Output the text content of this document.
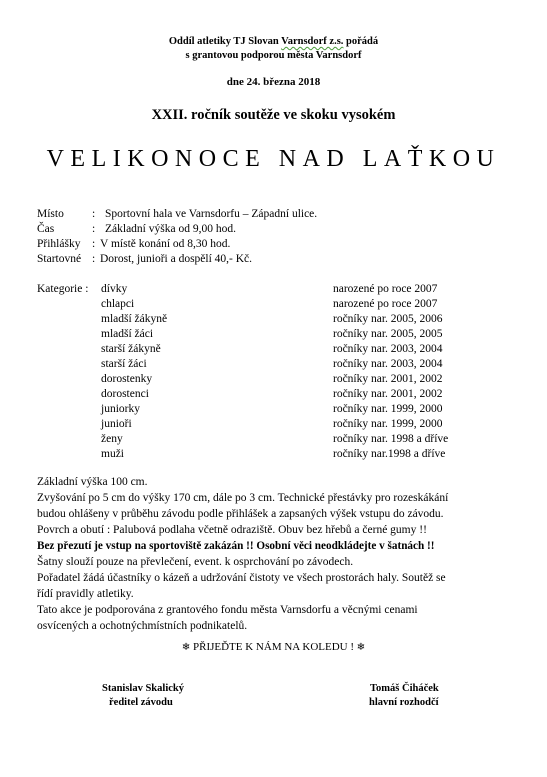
Oddíl atletiky TJ Slovan Varnsdorf z.s. pořádá
s grantovou podporou města Varnsdorf
dne 24. března 2018
XXII. ročník soutěže ve skoku vysokém
VELIKONOCE NAD LAŤKOU
Místo : Sportovní hala ve Varnsdorfu – Západní ulice.
Čas	: Základní výška od 9,00 hod.
Přihlášky : V místě konání od 8,30 hod.
Startovné : Dorost, junioři a dospělí 40,- Kč.
Kategorie : dívky	narozené po roce 2007
chlapci	narozené po roce 2007
mladší žákyně	ročníky nar. 2005, 2006
mladší žáci	ročníky nar. 2005, 2005
starší žákyně	ročníky nar. 2003, 2004
starší žáci	ročníky nar. 2003, 2004
dorostenky	ročníky nar. 2001, 2002
dorostenci	ročníky nar. 2001, 2002
juniorky	ročníky nar. 1999, 2000
junioři	ročníky nar. 1999, 2000
ženy	ročníky nar. 1998 a dříve
muži	ročníky nar.1998 a dříve
Základní výška 100 cm.
Zvyšování po 5 cm do výšky 170 cm, dále po 3 cm. Technické přestávky pro rozeskákání
budou ohlášeny v průběhu závodu podle přihlášek a zapsaných výšek vstupu do závodu.
Povrch a obutí : Palubová podlaha včetně odraziště. Obuv bez hřebů a černé gumy !!
Bez přezutí je vstup na sportoviště zakázán !! Osobní věci neodkládejte v šatnách !!
Šatny slouží pouze na převlečení, event. k osprchování po závodech.
Pořadatel žádá účastníky o kázeň a udržování čistoty ve všech prostorách haly. Soutěž se
řídí pravidly atletiky.
Tato akce je podporována z grantového fondu města Varnsdorfu a věcnými cenami
osvícených a ochotnýchmístních podnikatelů.
❄ PŘIJEĎTE K NÁM NA KOLEDU ! ❄
Stanislav Skalický
ředitel závodu
Tomáš Čiháček
hlavní rozhodčí
